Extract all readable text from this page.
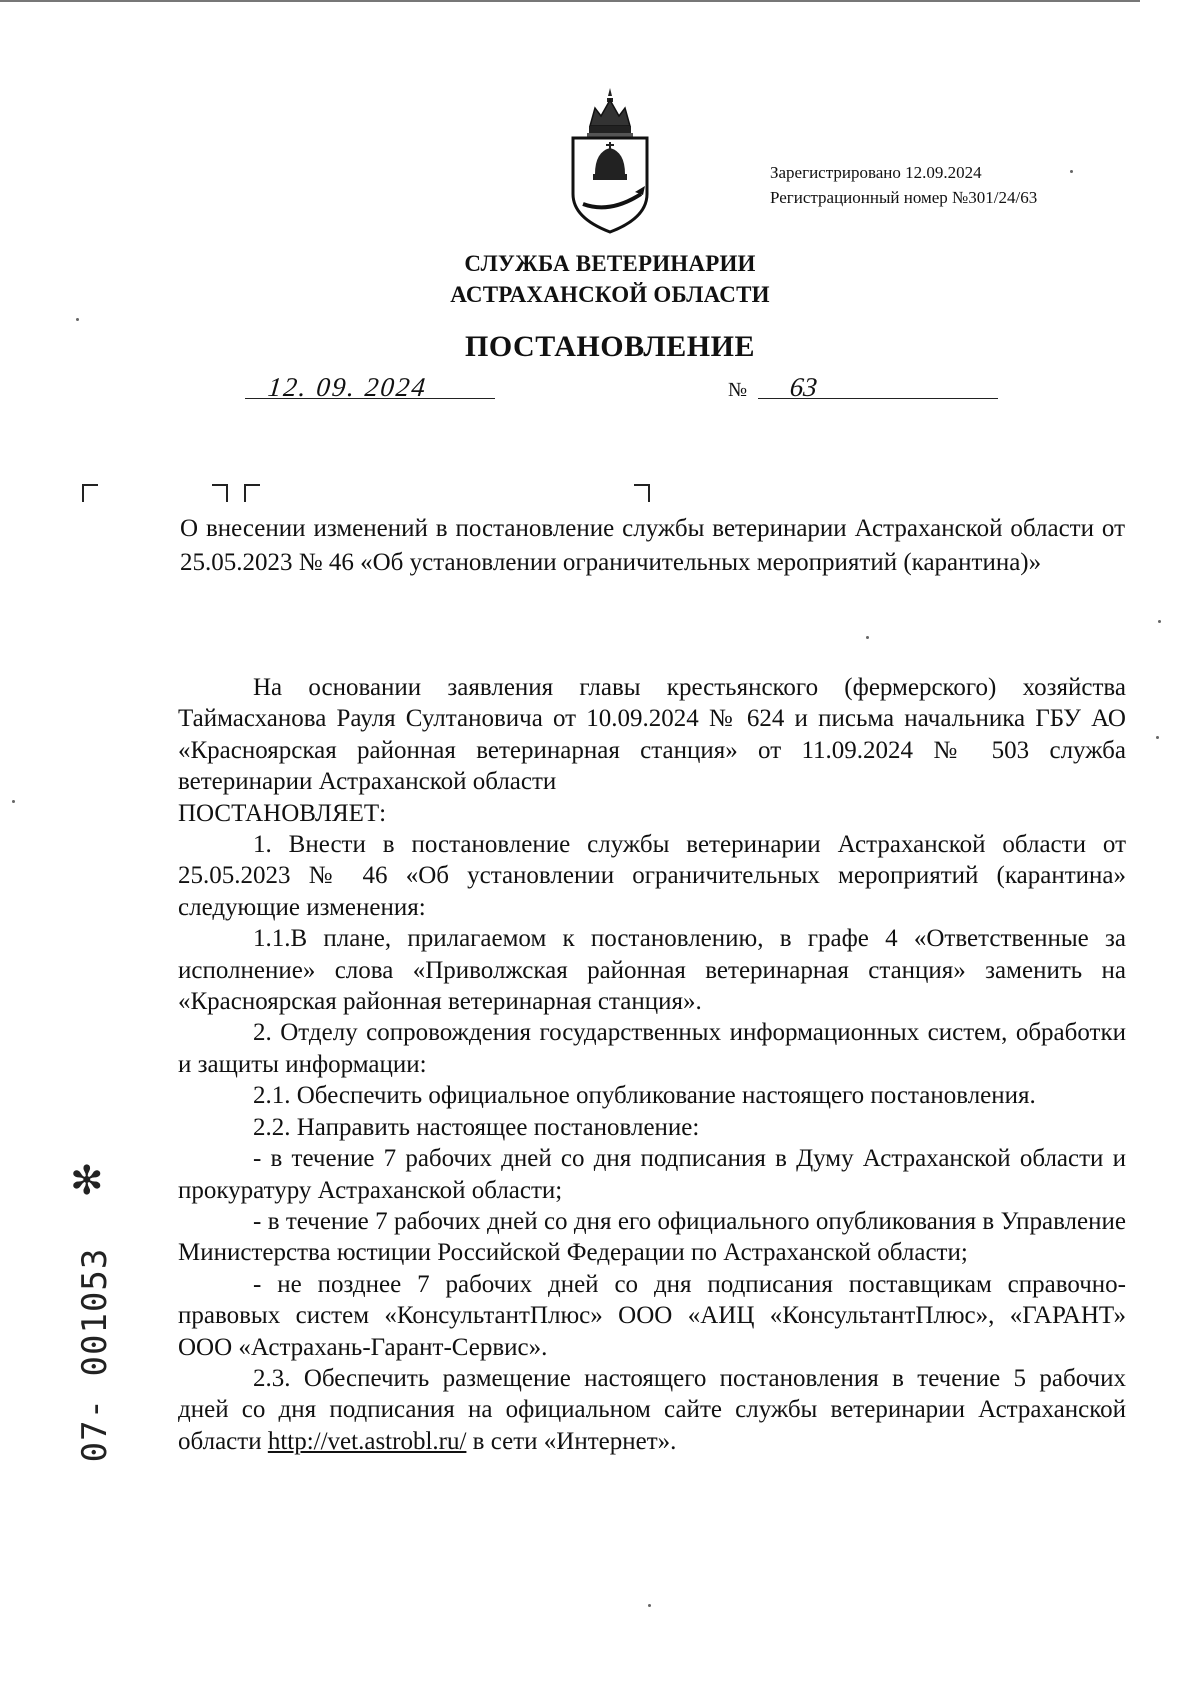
Зарегистрировано 12.09.2024
Регистрационный номер №301/24/63
СЛУЖБА ВЕТЕРИНАРИИ
АСТРАХАНСКОЙ ОБЛАСТИ
ПОСТАНОВЛЕНИЕ
12. 09. 2024	№ 63
О внесении изменений в постановление службы ветеринарии Астраханской области от 25.05.2023 № 46 «Об установлении ограничительных мероприятий (карантина)»

На основании заявления главы крестьянского (фермерского) хозяйства Таймасханова Рауля Султановича от 10.09.2024 № 624 и письма начальника ГБУ АО «Красноярская районная ветеринарная станция» от 11.09.2024 № 503 служба ветеринарии Астраханской области

ПОСТАНОВЛЯЕТ:

1. Внести в постановление службы ветеринарии Астраханской области от 25.05.2023 № 46 «Об установлении ограничительных мероприятий (карантина» следующие изменения:

1.1.В плане, прилагаемом к постановлению, в графе 4 «Ответственные за исполнение» слова «Приволжская районная ветеринарная станция» заменить на «Красноярская районная ветеринарная станция».

2. Отделу сопровождения государственных информационных систем, обработки и защиты информации:

2.1. Обеспечить официальное опубликование настоящего постановления.

2.2. Направить настоящее постановление:

- в течение 7 рабочих дней со дня подписания в Думу Астраханской области и прокуратуру Астраханской области;

- в течение 7 рабочих дней со дня его официального опубликования в Управление Министерства юстиции Российской Федерации по Астраханской области;

- не позднее 7 рабочих дней со дня подписания поставщикам справочно-правовых систем «КонсультантПлюс» ООО «АИЦ «КонсультантПлюс», «ГАРАНТ» ООО «Астрахань-Гарант-Сервис».

2.3. Обеспечить размещение настоящего постановления в течение 5 рабочих дней со дня подписания на официальном сайте службы ветеринарии Астраханской области http://vet.astrobl.ru/ в сети «Интернет».

✻
07- 001053
